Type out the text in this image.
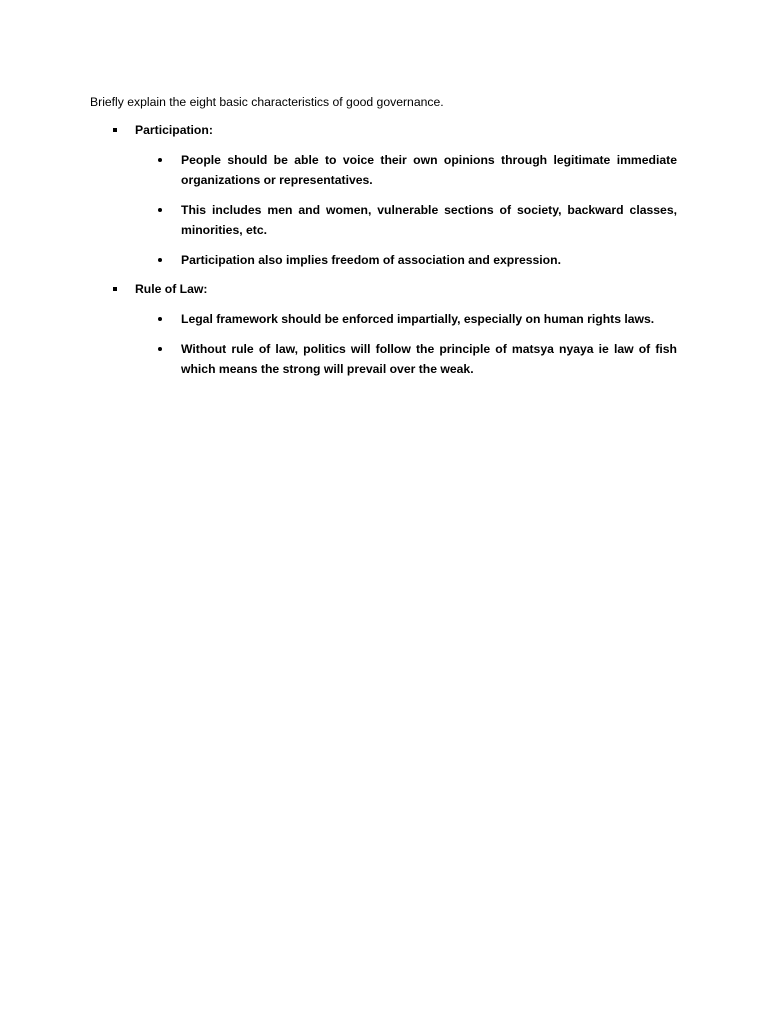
Briefly explain the eight basic characteristics of good governance.
Participation:
People should be able to voice their own opinions through legitimate immediate organizations or representatives.
This includes men and women, vulnerable sections of society, backward classes, minorities, etc.
Participation also implies freedom of association and expression.
Rule of Law:
Legal framework should be enforced impartially, especially on human rights laws.
Without rule of law, politics will follow the principle of matsya nyaya ie law of fish which means the strong will prevail over the weak.
